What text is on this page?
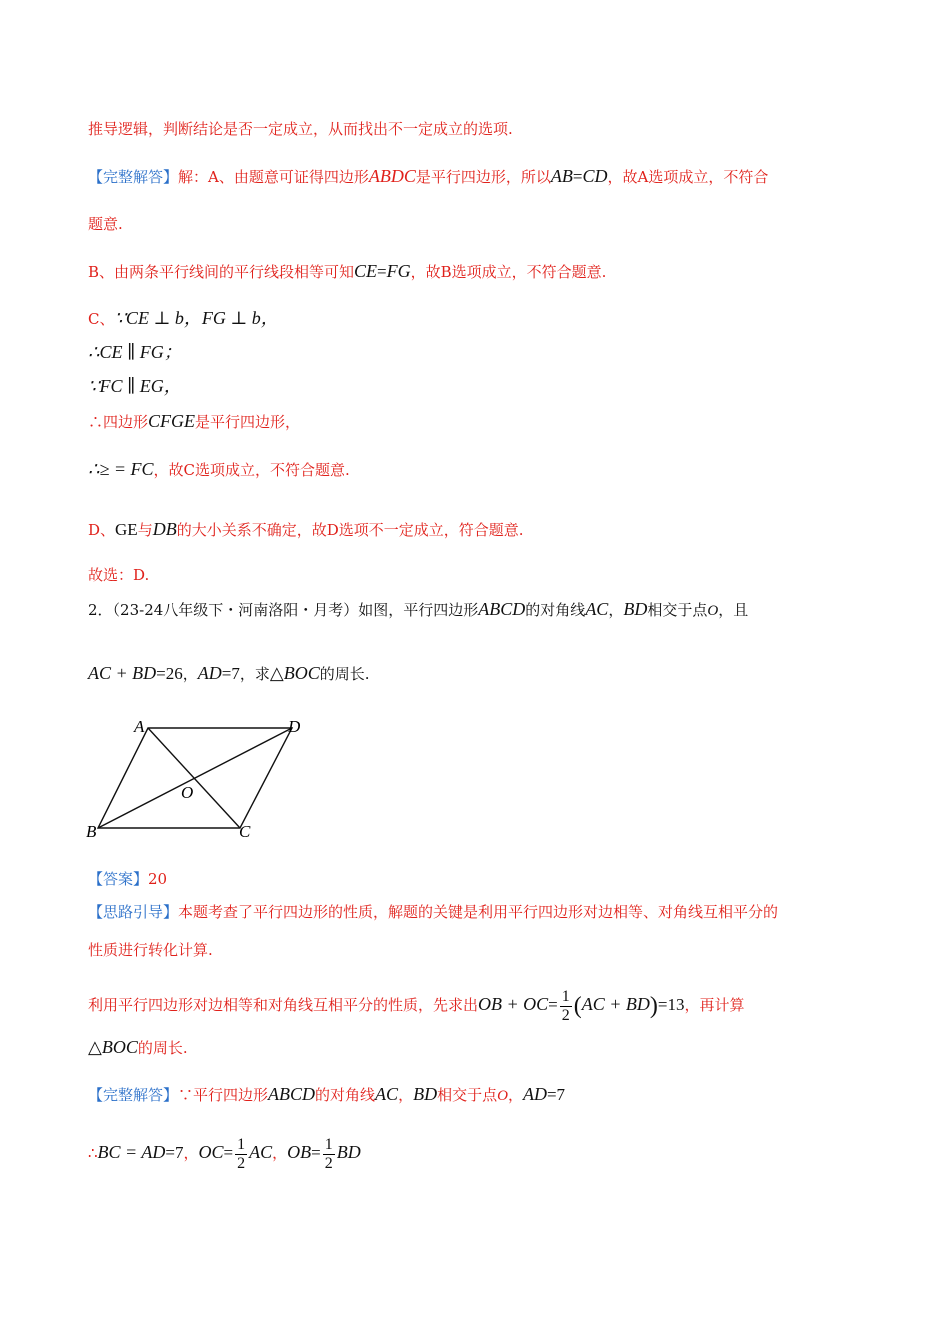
推导逻辑，判断结论是否一定成立，从而找出不一定成立的选项.
【完整解答】解：A、由题意可证得四边形ABDC是平行四边形，所以AB=CD，故A选项成立，不符合
题意.
B、由两条平行线间的平行线段相等可知CE=FG，故B选项成立，不符合题意.
C、∵CE ⊥ b，FG ⊥ b，
∴CE ∥ FG；
∵FC ∥ EG，
∴四边形CFGE是平行四边形，
∴≥ = FC，故C选项成立，不符合题意.
D、GE与DB的大小关系不确定，故D选项不一定成立，符合题意.
故选：D.
2．（23-24八年级下・河南洛阳・月考）如图，平行四边形ABCD的对角线AC，BD相交于点O，且
AC + BD=26，AD=7，求△BOC的周长.
A	D
B	C
O
【答案】20
【思路引导】本题考查了平行四边形的性质，解题的关键是利用平行四边形对边相等、对角线互相平分的
性质进行转化计算.
利用平行四边形对边相等和对角线互相平分的性质，先求出OB + $OC= \frac{1}{2} (AC + BD)=13$，再计算
△BOC的周长.
【完整解答】∵平行四边形ABCD的对角线AC，BD相交于点O，AD=7
∴BC = AD=7，$OC= \frac{1}{2}$ AC，$OB= \frac{1}{2}$ BD
